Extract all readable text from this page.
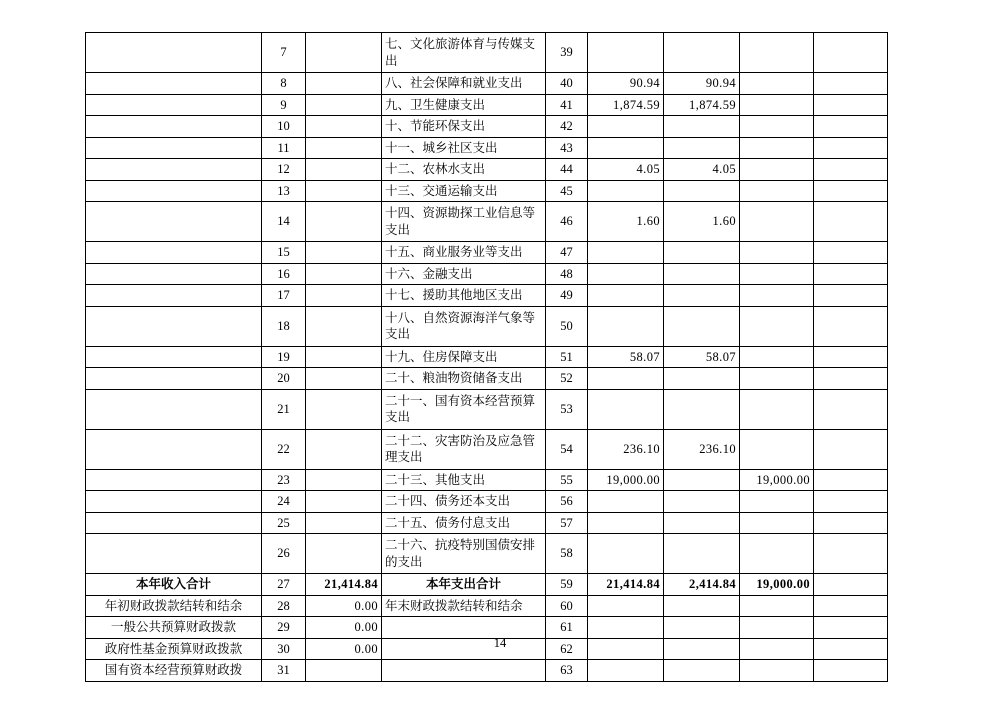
	7		七、文化旅游体育与传媒支出	39				
	8		八、社会保障和就业支出	40	90.94	90.94		
	9		九、卫生健康支出	41	1,874.59	1,874.59		
	10		十、节能环保支出	42				
	11		十一、城乡社区支出	43				
	12		十二、农林水支出	44	4.05	4.05		
	13		十三、交通运输支出	45				
	14		十四、资源勘探工业信息等支出	46	1.60	1.60		
	15		十五、商业服务业等支出	47				
	16		十六、金融支出	48				
	17		十七、援助其他地区支出	49				
	18		十八、自然资源海洋气象等支出	50				
	19		十九、住房保障支出	51	58.07	58.07		
	20		二十、粮油物资储备支出	52				
	21		二十一、国有资本经营预算支出	53				
	22		二十二、灾害防治及应急管理支出	54	236.10	236.10		
	23		二十三、其他支出	55	19,000.00		19,000.00	
	24		二十四、债务还本支出	56				
	25		二十五、债务付息支出	57				
	26		二十六、抗疫特别国债安排的支出	58				
本年收入合计	27	21,414.84	本年支出合计	59	21,414.84	2,414.84	19,000.00	
年初财政拨款结转和结余	28	0.00	年末财政拨款结转和结余	60				
一般公共预算财政拨款	29	0.00		61				
政府性基金预算财政拨款	30	0.00		62				
国有资本经营预算财政拨	31			63				
14
